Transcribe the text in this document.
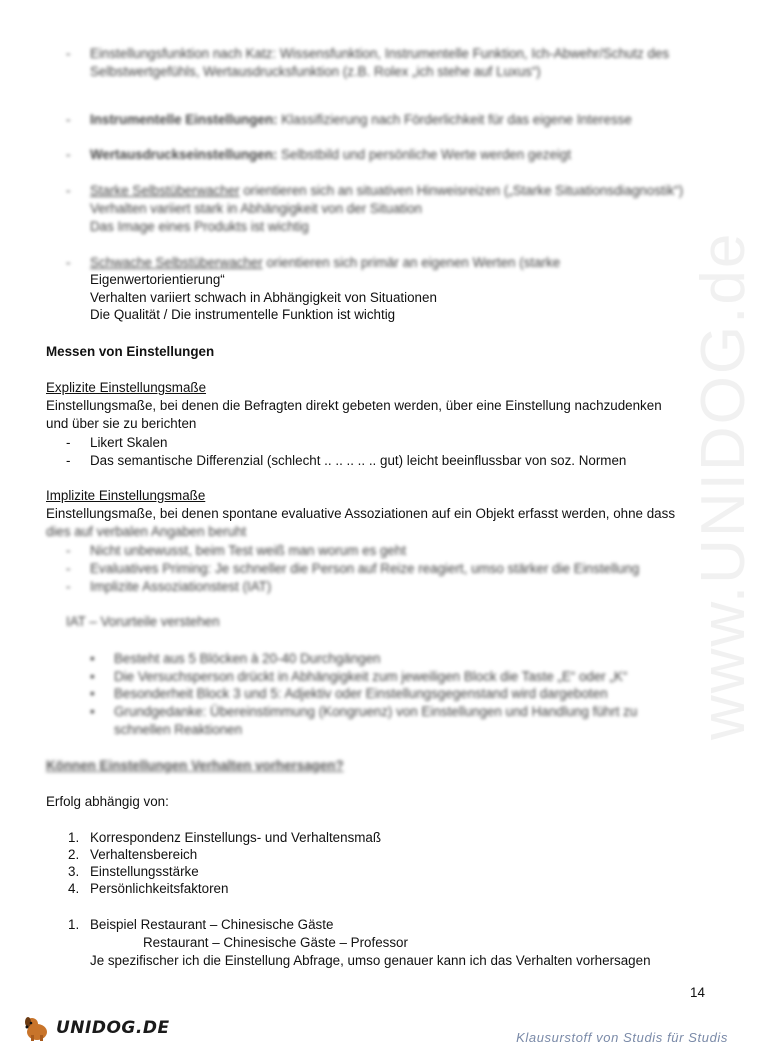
www.UNIDOG.de
- Einstellungsfunktion nach Katz: Wissensfunktion, Instrumentelle Funktion, Ich-Abwehr/Schutz des
Selbstwertgefühls, Wertausdrucksfunktion (z.B. Rolex „ich stehe auf Luxus“)
- Instrumentelle Einstellungen: Klassifizierung nach Förderlichkeit für das eigene Interesse
- Wertausdruckseinstellungen: Selbstbild und persönliche Werte werden gezeigt
- Starke Selbstüberwacher orientieren sich an situativen Hinweisreizen („Starke Situationsdiagnostik“)
Verhalten variiert stark in Abhängigkeit von der Situation
Das Image eines Produkts ist wichtig
- Schwache Selbstüberwacher orientieren sich primär an eigenen Werten (starke
Eigenwertorientierung“
Verhalten variiert schwach in Abhängigkeit von Situationen
Die Qualität / Die instrumentelle Funktion ist wichtig
Messen von Einstellungen
Explizite Einstellungsmaße
Einstellungsmaße, bei denen die Befragten direkt gebeten werden, über eine Einstellung nachzudenken
und über sie zu berichten
- Likert Skalen
- Das semantische Differenzial (schlecht .. .. .. .. .. gut) leicht beeinflussbar von soz. Normen
Implizite Einstellungsmaße
Einstellungsmaße, bei denen spontane evaluative Assoziationen auf ein Objekt erfasst werden, ohne dass
dies auf verbalen Angaben beruht
- Nicht unbewusst, beim Test weiß man worum es geht
- Evaluatives Priming: Je schneller die Person auf Reize reagiert, umso stärker die Einstellung
- Implizite Assoziationstest (IAT)
IAT – Vorurteile verstehen
• Besteht aus 5 Blöcken à 20-40 Durchgängen
• Die Versuchsperson drückt in Abhängigkeit zum jeweiligen Block die Taste „E“ oder „K“
• Besonderheit Block 3 und 5: Adjektiv oder Einstellungsgegenstand wird dargeboten
• Grundgedanke: Übereinstimmung (Kongruenz) von Einstellungen und Handlung führt zu
schnellen Reaktionen
Können Einstellungen Verhalten vorhersagen?
Erfolg abhängig von:
1. Korrespondenz Einstellungs- und Verhaltensmaß
2. Verhaltensbereich
3. Einstellungsstärke
4. Persönlichkeitsfaktoren
1. Beispiel Restaurant – Chinesische Gäste
Restaurant – Chinesische Gäste – Professor
Je spezifischer ich die Einstellung Abfrage, umso genauer kann ich das Verhalten vorhersagen
14
UNIDOG.DE	Klausurstoff von Studis für Studis
